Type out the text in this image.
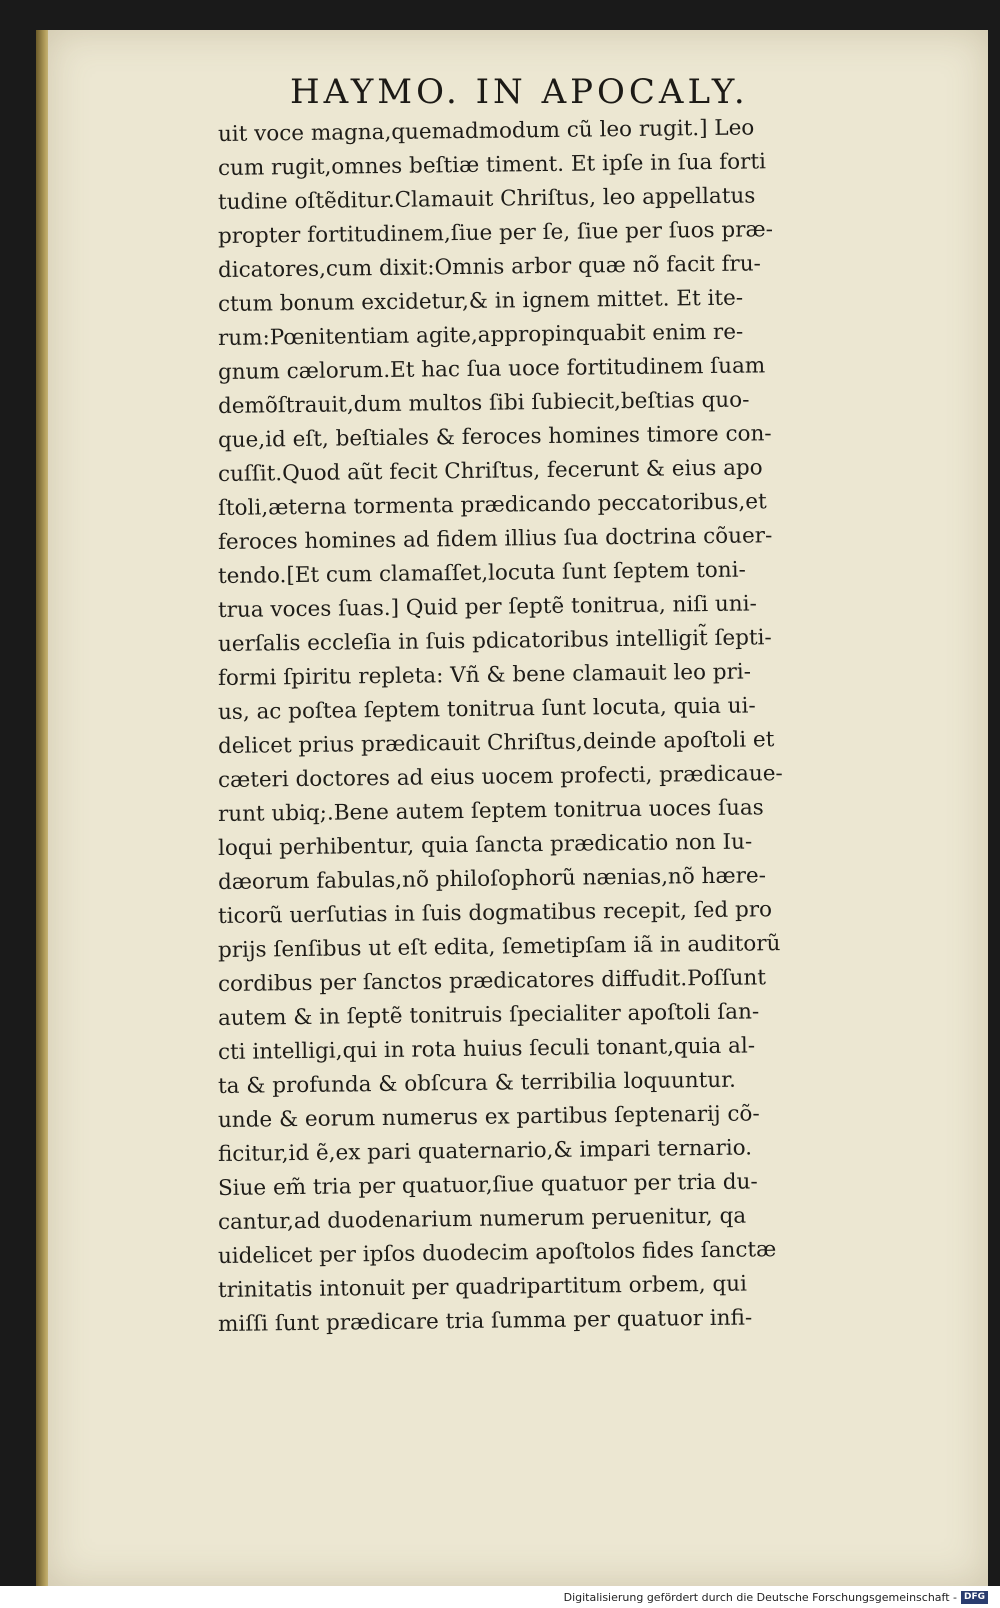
HAYMO. IN APOCALY.
uit voce magna,quemadmodum cũ leo rugit.] Leo
cum rugit,omnes beſtiæ timent. Et ipſe in ſua forti
tudine oſtẽditur.Clamauit Chriſtus, leo appellatus
propter fortitudinem,ſiue per ſe, ſiue per ſuos præ-
dicatores,cum dixit:Omnis arbor quæ nõ facit fru-
ctum bonum excidetur,& in ignem mittet. Et ite-
rum:Pœnitentiam agite,appropinquabit enim re-
gnum cælorum.Et hac ſua uoce fortitudinem ſuam
demõſtrauit,dum multos ſibi ſubiecit,beſtias quo-
que,id eſt, beſtiales & feroces homines timore con-
cuſſit.Quod aũt fecit Chriſtus, fecerunt & eius apo
ſtoli,æterna tormenta prædicando peccatoribus,et
feroces homines ad fidem illius ſua doctrina cõuer-
tendo.[Et cum clamaſſet,locuta ſunt ſeptem toni-
trua voces ſuas.] Quid per ſeptẽ tonitrua, niſi uni-
uerſalis eccleſia in ſuis pdicatoribus intelligit̃ ſepti-
formi ſpiritu repleta: Vñ & bene clamauit leo pri-
us, ac poſtea ſeptem tonitrua ſunt locuta, quia ui-
delicet prius prædicauit Chriſtus,deinde apoſtoli et
cæteri doctores ad eius uocem profecti, prædicaue-
runt ubiq;.Bene autem ſeptem tonitrua uoces ſuas
loqui perhibentur, quia ſancta prædicatio non Iu-
dæorum fabulas,nõ philoſophorũ nænias,nõ hære-
ticorũ uerſutias in ſuis dogmatibus recepit, ſed pro
prijs ſenſibus ut eſt edita, ſemetipſam iã in auditorũ
cordibus per ſanctos prædicatores diffudit.Poſſunt
autem & in ſeptẽ tonitruis ſpecialiter apoſtoli ſan-
cti intelligi,qui in rota huius ſeculi tonant,quia al-
ta & profunda & obſcura & terribilia loquuntur.
unde & eorum numerus ex partibus ſeptenarij cõ-
ficitur,id ẽ,ex pari quaternario,& impari ternario.
Siue em̃ tria per quatuor,ſiue quatuor per tria du-
cantur,ad duodenarium numerum peruenitur, qa
uidelicet per ipſos duodecim apoſtolos fides ſanctæ
trinitatis intonuit per quadripartitum orbem, qui
miſſi ſunt prædicare tria ſumma per quatuor infi-
Digitalisierung gefördert durch die Deutsche Forschungsgemeinschaft - DFG
